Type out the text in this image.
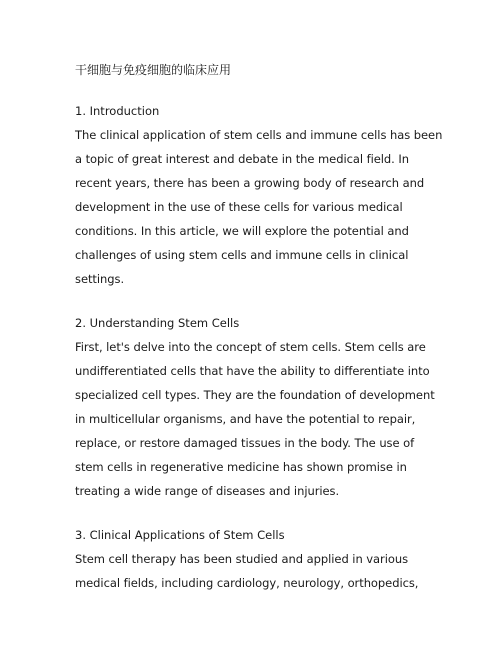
干细胞与免疫细胞的临床应用
1. Introduction
The clinical application of stem cells and immune cells has been
a topic of great interest and debate in the medical field. In
recent years, there has been a growing body of research and
development in the use of these cells for various medical
conditions. In this article, we will explore the potential and
challenges of using stem cells and immune cells in clinical
settings.
2. Understanding Stem Cells
First, let's delve into the concept of stem cells. Stem cells are
undifferentiated cells that have the ability to differentiate into
specialized cell types. They are the foundation of development
in multicellular organisms, and have the potential to repair,
replace, or restore damaged tissues in the body. The use of
stem cells in regenerative medicine has shown promise in
treating a wide range of diseases and injuries.
3. Clinical Applications of Stem Cells
Stem cell therapy has been studied and applied in various
medical fields, including cardiology, neurology, orthopedics,
